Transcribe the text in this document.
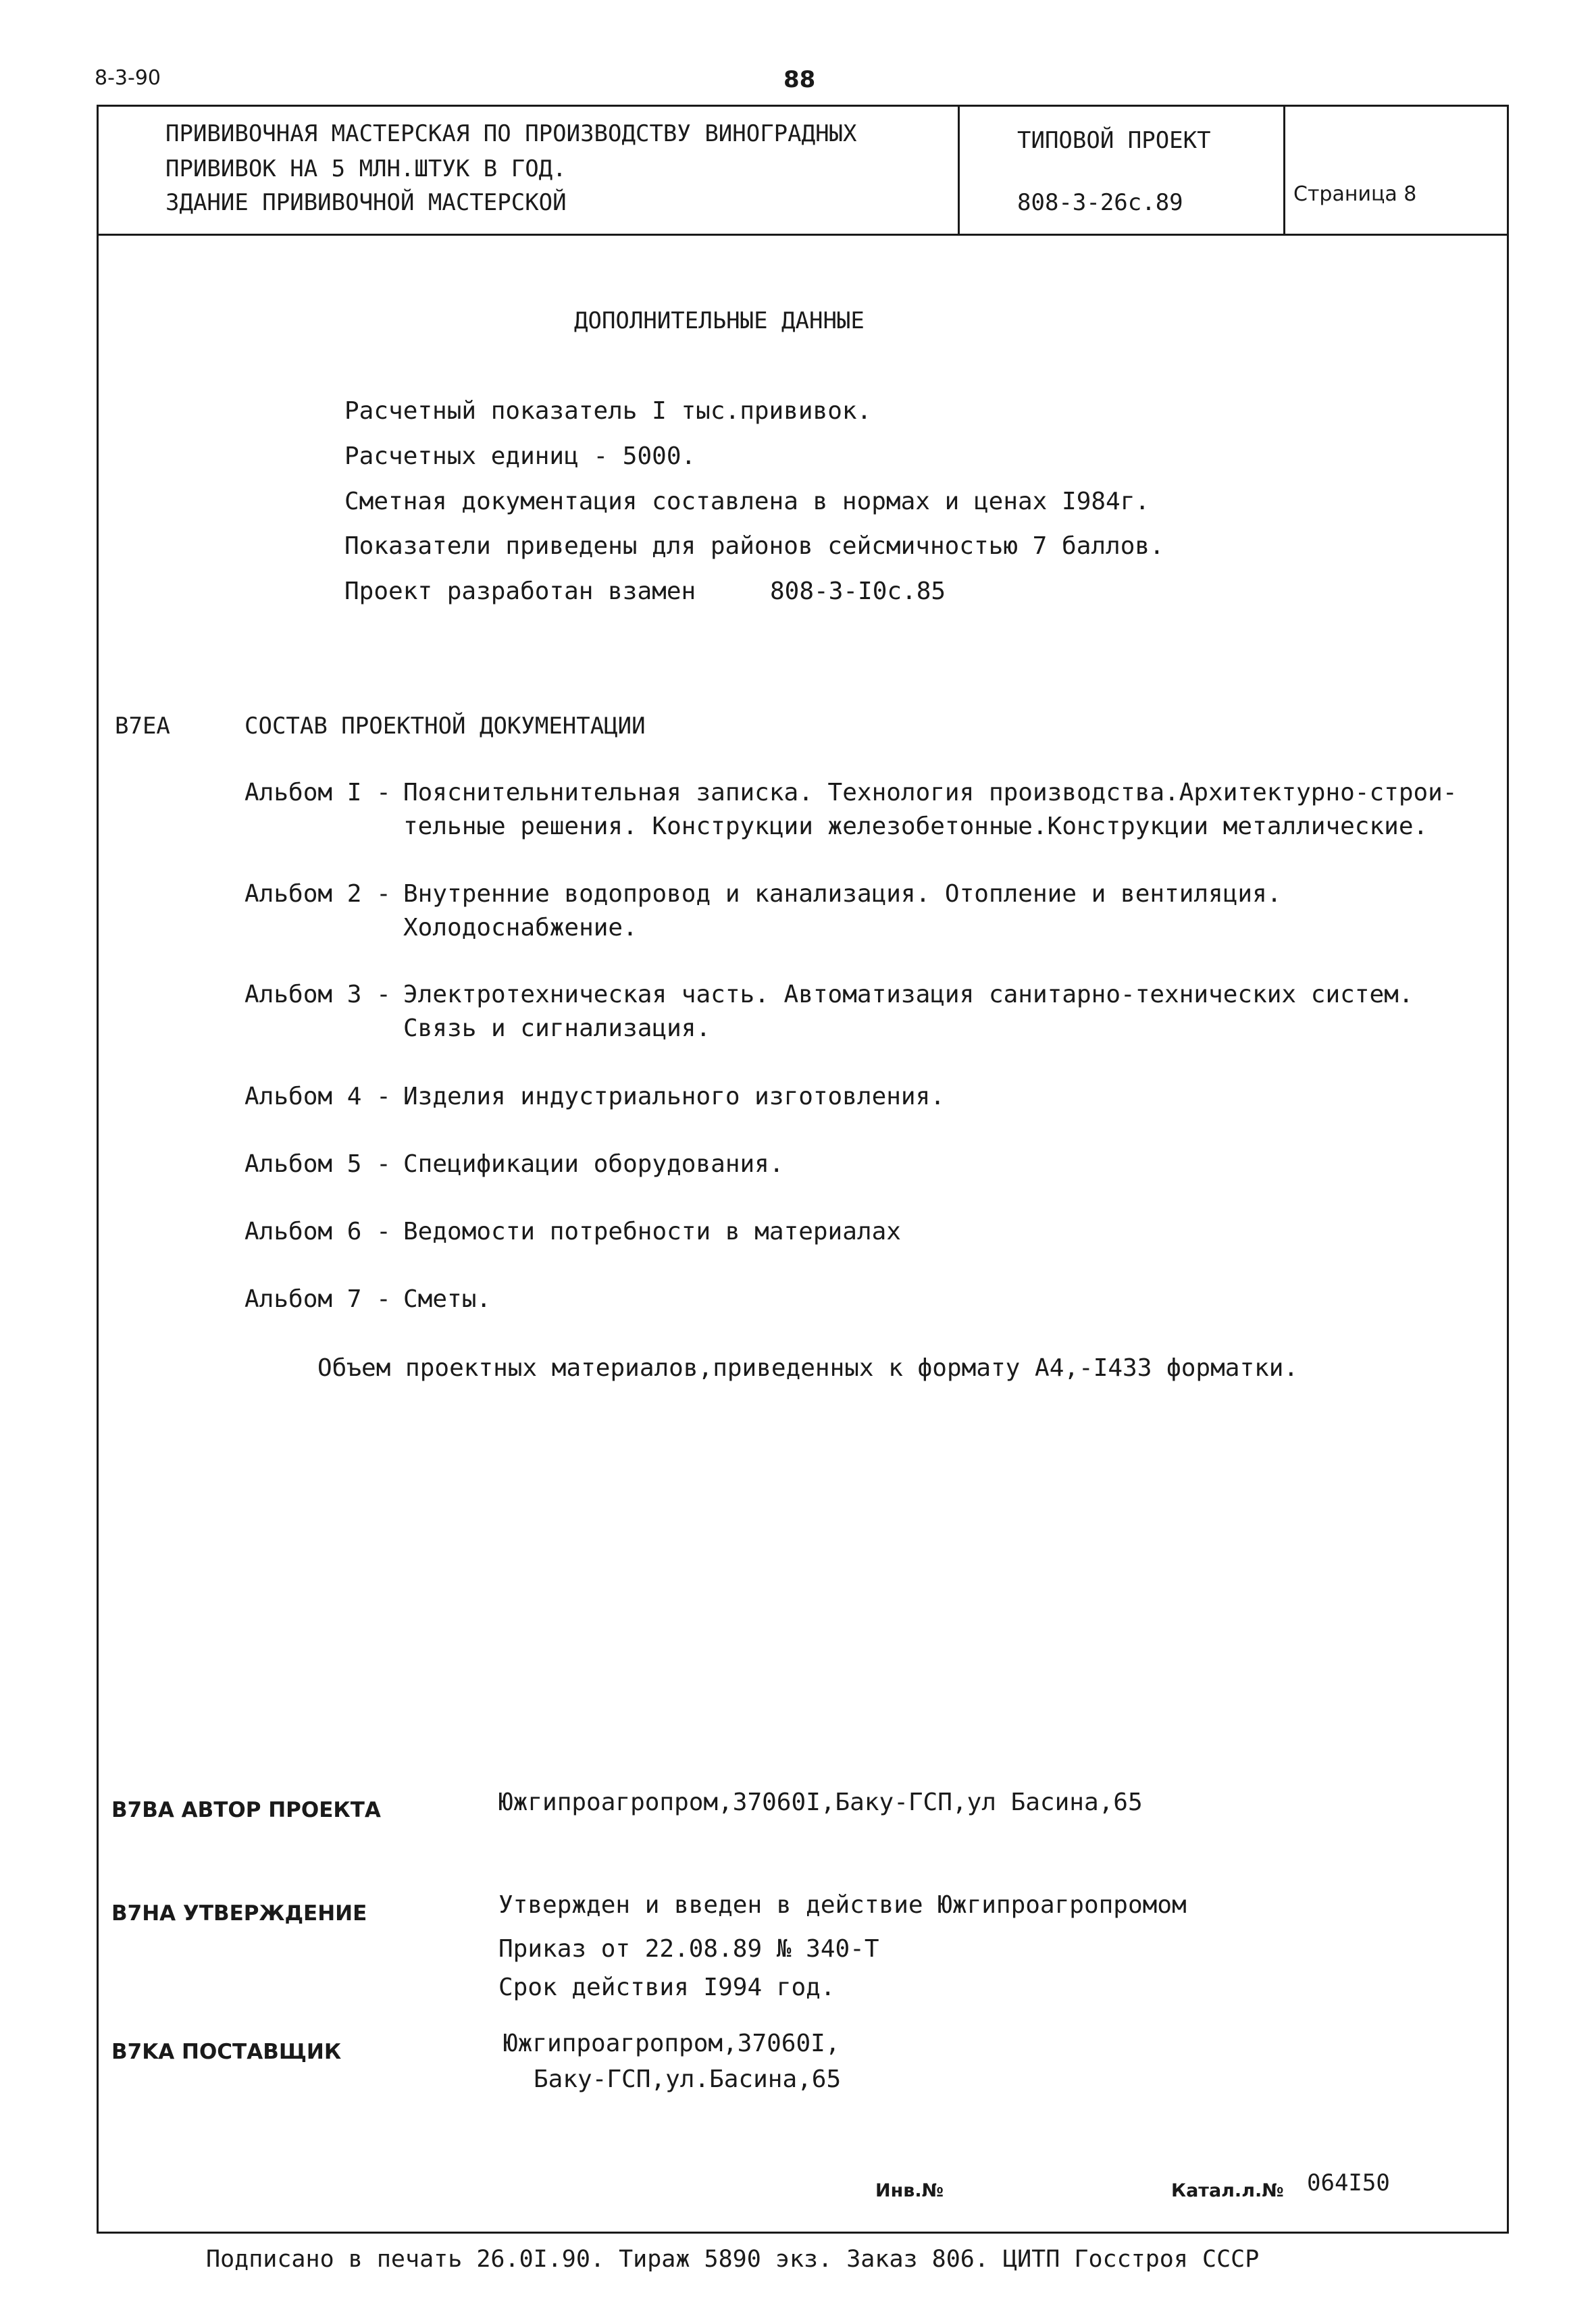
8-3-90	88
ПРИВИВОЧНАЯ МАСТЕРСКАЯ ПО ПРОИЗВОДСТВУ ВИНОГРАДНЫХ
ПРИВИВОК НА 5 МЛН.ШТУК В ГОД.
ЗДАНИЕ ПРИВИВОЧНОЙ МАСТЕРСКОЙ
ТИПОВОЙ ПРОЕКТ
808-3-26с.89	Страница 8
ДОПОЛНИТЕЛЬНЫЕ ДАННЫЕ
Расчетный показатель I тыс.прививок.
Расчетных единиц - 5000.
Сметная документация составлена в нормах и ценах I984г.
Показатели приведены для районов сейсмичностью 7 баллов.
Проект разработан взамен	808-3-I0с.85
B7EA	СОСТАВ ПРОЕКТНОЙ ДОКУМЕНТАЦИИ
Альбом I - Пояснительнительная записка. Технология производства.Архитектурно-строи-
тельные решения. Конструкции железобетонные.Конструкции металлические.
Альбом 2 - Внутренние водопровод и канализация. Отопление и вентиляция.
Холодоснабжение.
Альбом 3 - Электротехническая часть. Автоматизация санитарно-технических систем.
Связь и сигнализация.
Альбом 4 - Изделия индустриального изготовления.
Альбом 5 - Спецификации оборудования.
Альбом 6 - Ведомости потребности в материалах
Альбом 7 - Сметы.
Объем проектных материалов,приведенных к формату А4,-I433 форматки.
B7BA АВТОР ПРОЕКТА	Южгипроагропром,37060I,Баку-ГСП,ул Басина,65
B7HA УТВЕРЖДЕНИЕ	Утвержден и введен в действие Южгипроагропромом
Приказ от 22.08.89 № 340-Т
Срок действия I994 год.
B7KA ПОСТАВЩИК	Южгипроагропром,37060I,
Баку-ГСП,ул.Басина,65
Инв.№	Катал.л.№ 064I50
Подписано в печать 26.0I.90. Тираж 5890 экз. Заказ 806. ЦИТП Госстроя СССР
